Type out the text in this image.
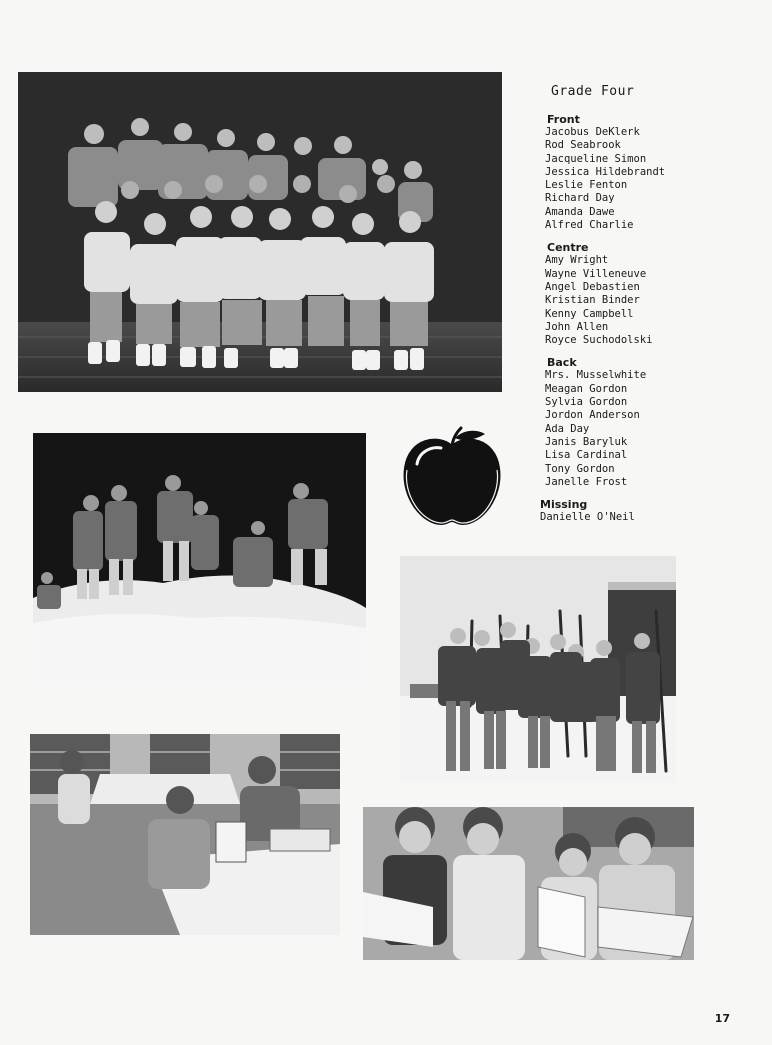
Grade Four
Front
Jacobus DeKlerk
Rod Seabrook
Jacqueline Simon
Jessica Hildebrandt
Leslie Fenton
Richard Day
Amanda Dawe
Alfred Charlie
Centre
Amy Wright
Wayne Villeneuve
Angel Debastien
Kristian Binder
Kenny Campbell
John Allen
Royce Suchodolski
Back
Mrs. Musselwhite
Meagan Gordon
Sylvia Gordon
Jordon Anderson
Ada Day
Janis Baryluk
Lisa Cardinal
Tony Gordon
Janelle Frost
Missing
Danielle O'Neil
17
